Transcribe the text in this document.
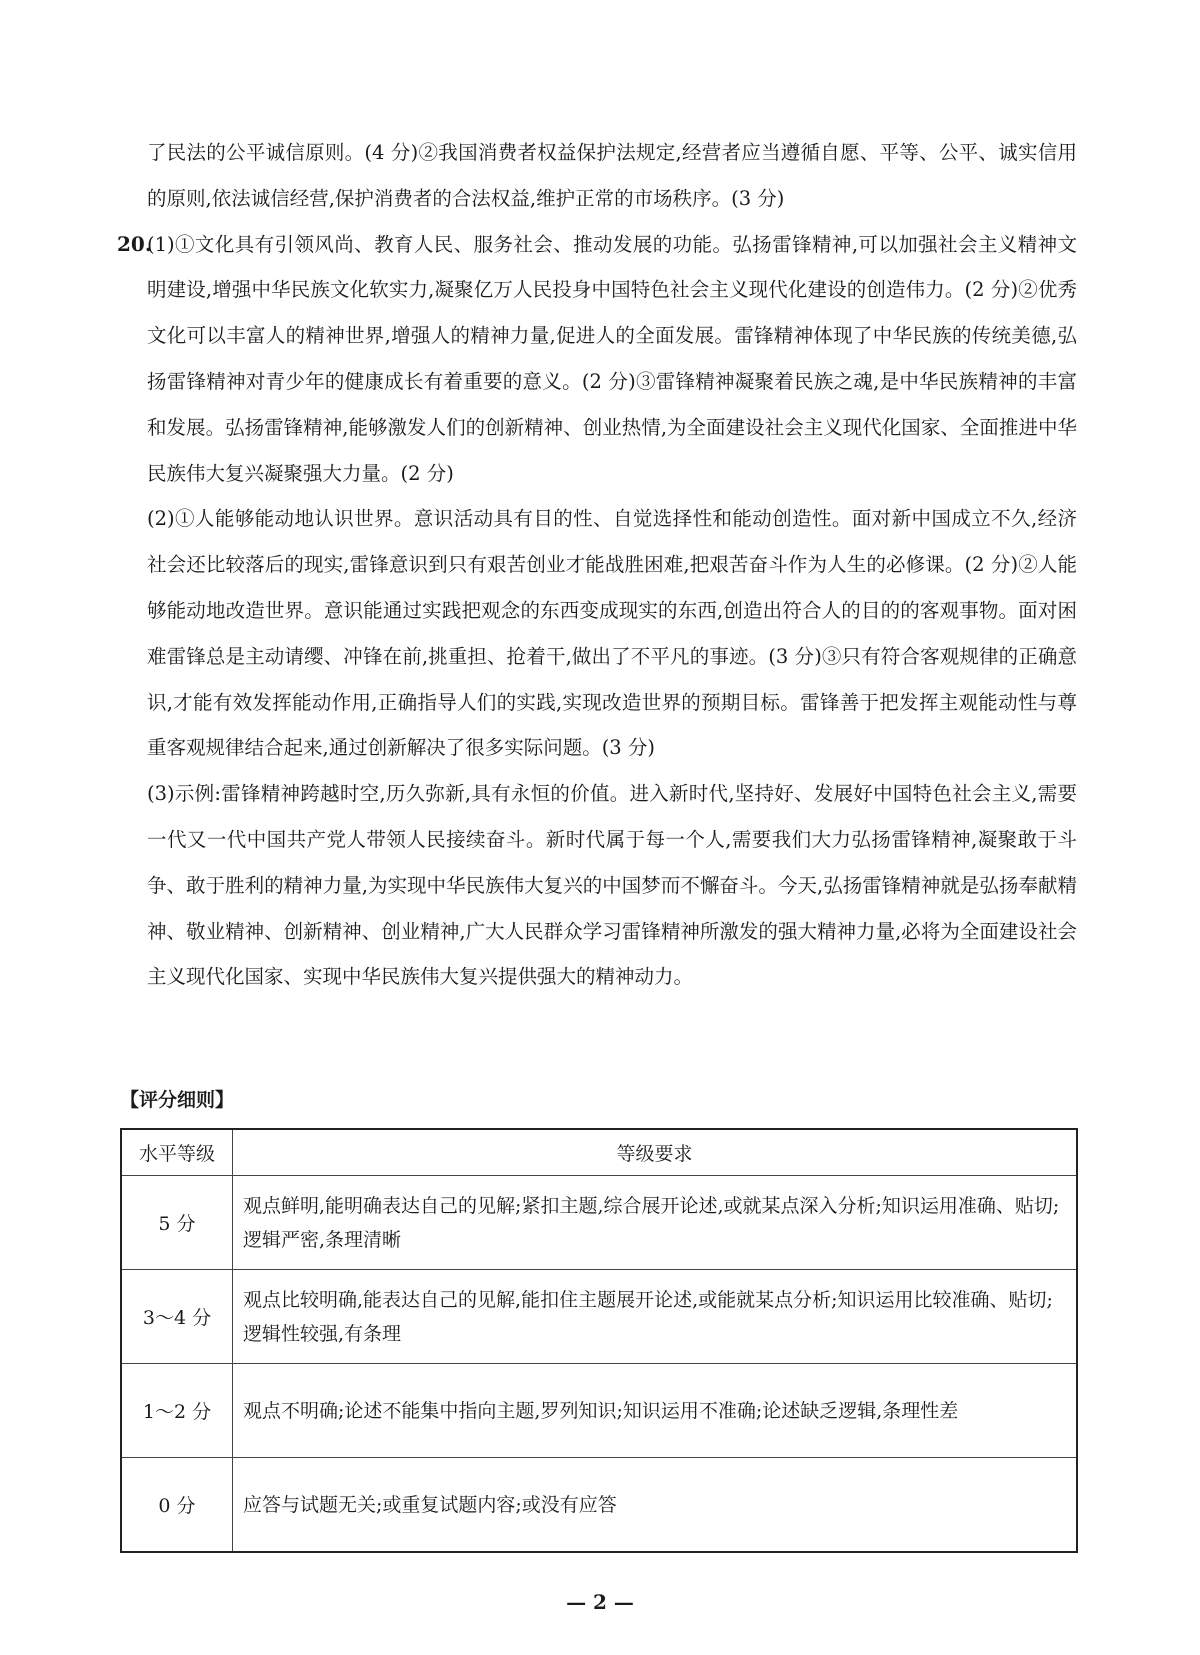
了民法的公平诚信原则。(4 分)②我国消费者权益保护法规定,经营者应当遵循自愿、平等、公平、诚实信用的原则,依法诚信经营,保护消费者的合法权益,维护正常的市场秩序。(3 分)

20.

(1)①文化具有引领风尚、教育人民、服务社会、推动发展的功能。弘扬雷锋精神,可以加强社会主义精神文明建设,增强中华民族文化软实力,凝聚亿万人民投身中国特色社会主义现代化建设的创造伟力。(2 分)②优秀文化可以丰富人的精神世界,增强人的精神力量,促进人的全面发展。雷锋精神体现了中华民族的传统美德,弘扬雷锋精神对青少年的健康成长有着重要的意义。(2 分)③雷锋精神凝聚着民族之魂,是中华民族精神的丰富和发展。弘扬雷锋精神,能够激发人们的创新精神、创业热情,为全面建设社会主义现代化国家、全面推进中华民族伟大复兴凝聚强大力量。(2 分)

(2)①人能够能动地认识世界。意识活动具有目的性、自觉选择性和能动创造性。面对新中国成立不久,经济社会还比较落后的现实,雷锋意识到只有艰苦创业才能战胜困难,把艰苦奋斗作为人生的必修课。(2 分)②人能够能动地改造世界。意识能通过实践把观念的东西变成现实的东西,创造出符合人的目的的客观事物。面对困难雷锋总是主动请缨、冲锋在前,挑重担、抢着干,做出了不平凡的事迹。(3 分)③只有符合客观规律的正确意识,才能有效发挥能动作用,正确指导人们的实践,实现改造世界的预期目标。雷锋善于把发挥主观能动性与尊重客观规律结合起来,通过创新解决了很多实际问题。(3 分)

(3)示例:雷锋精神跨越时空,历久弥新,具有永恒的价值。进入新时代,坚持好、发展好中国特色社会主义,需要一代又一代中国共产党人带领人民接续奋斗。新时代属于每一个人,需要我们大力弘扬雷锋精神,凝聚敢于斗争、敢于胜利的精神力量,为实现中华民族伟大复兴的中国梦而不懈奋斗。今天,弘扬雷锋精神就是弘扬奉献精神、敬业精神、创新精神、创业精神,广大人民群众学习雷锋精神所激发的强大精神力量,必将为全面建设社会主义现代化国家、实现中华民族伟大复兴提供强大的精神动力。

【评分细则】
水平等级	等级要求
5 分	观点鲜明,能明确表达自己的见解;紧扣主题,综合展开论述,或就某点深入分析;知识运用准确、贴切;逻辑严密,条理清晰
3～4 分	观点比较明确,能表达自己的见解,能扣住主题展开论述,或能就某点分析;知识运用比较准确、贴切;逻辑性较强,有条理
1～2 分	观点不明确;论述不能集中指向主题,罗列知识;知识运用不准确;论述缺乏逻辑,条理性差
0 分	应答与试题无关;或重复试题内容;或没有应答
— 2 —
